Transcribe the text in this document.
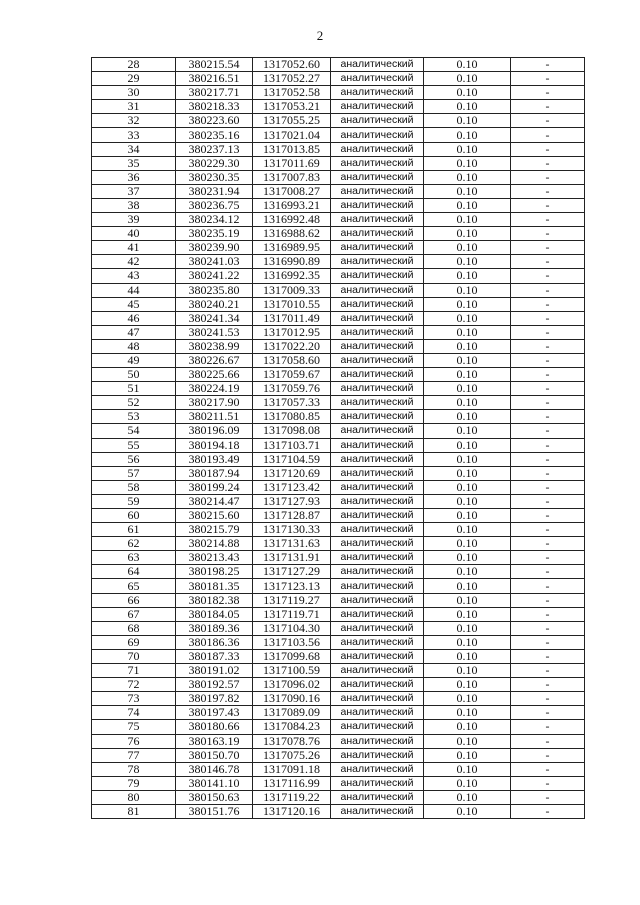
2
28	380215.54	1317052.60	аналитический	0.10	-
29	380216.51	1317052.27	аналитический	0.10	-
30	380217.71	1317052.58	аналитический	0.10	-
31	380218.33	1317053.21	аналитический	0.10	-
32	380223.60	1317055.25	аналитический	0.10	-
33	380235.16	1317021.04	аналитический	0.10	-
34	380237.13	1317013.85	аналитический	0.10	-
35	380229.30	1317011.69	аналитический	0.10	-
36	380230.35	1317007.83	аналитический	0.10	-
37	380231.94	1317008.27	аналитический	0.10	-
38	380236.75	1316993.21	аналитический	0.10	-
39	380234.12	1316992.48	аналитический	0.10	-
40	380235.19	1316988.62	аналитический	0.10	-
41	380239.90	1316989.95	аналитический	0.10	-
42	380241.03	1316990.89	аналитический	0.10	-
43	380241.22	1316992.35	аналитический	0.10	-
44	380235.80	1317009.33	аналитический	0.10	-
45	380240.21	1317010.55	аналитический	0.10	-
46	380241.34	1317011.49	аналитический	0.10	-
47	380241.53	1317012.95	аналитический	0.10	-
48	380238.99	1317022.20	аналитический	0.10	-
49	380226.67	1317058.60	аналитический	0.10	-
50	380225.66	1317059.67	аналитический	0.10	-
51	380224.19	1317059.76	аналитический	0.10	-
52	380217.90	1317057.33	аналитический	0.10	-
53	380211.51	1317080.85	аналитический	0.10	-
54	380196.09	1317098.08	аналитический	0.10	-
55	380194.18	1317103.71	аналитический	0.10	-
56	380193.49	1317104.59	аналитический	0.10	-
57	380187.94	1317120.69	аналитический	0.10	-
58	380199.24	1317123.42	аналитический	0.10	-
59	380214.47	1317127.93	аналитический	0.10	-
60	380215.60	1317128.87	аналитический	0.10	-
61	380215.79	1317130.33	аналитический	0.10	-
62	380214.88	1317131.63	аналитический	0.10	-
63	380213.43	1317131.91	аналитический	0.10	-
64	380198.25	1317127.29	аналитический	0.10	-
65	380181.35	1317123.13	аналитический	0.10	-
66	380182.38	1317119.27	аналитический	0.10	-
67	380184.05	1317119.71	аналитический	0.10	-
68	380189.36	1317104.30	аналитический	0.10	-
69	380186.36	1317103.56	аналитический	0.10	-
70	380187.33	1317099.68	аналитический	0.10	-
71	380191.02	1317100.59	аналитический	0.10	-
72	380192.57	1317096.02	аналитический	0.10	-
73	380197.82	1317090.16	аналитический	0.10	-
74	380197.43	1317089.09	аналитический	0.10	-
75	380180.66	1317084.23	аналитический	0.10	-
76	380163.19	1317078.76	аналитический	0.10	-
77	380150.70	1317075.26	аналитический	0.10	-
78	380146.78	1317091.18	аналитический	0.10	-
79	380141.10	1317116.99	аналитический	0.10	-
80	380150.63	1317119.22	аналитический	0.10	-
81	380151.76	1317120.16	аналитический	0.10	-
